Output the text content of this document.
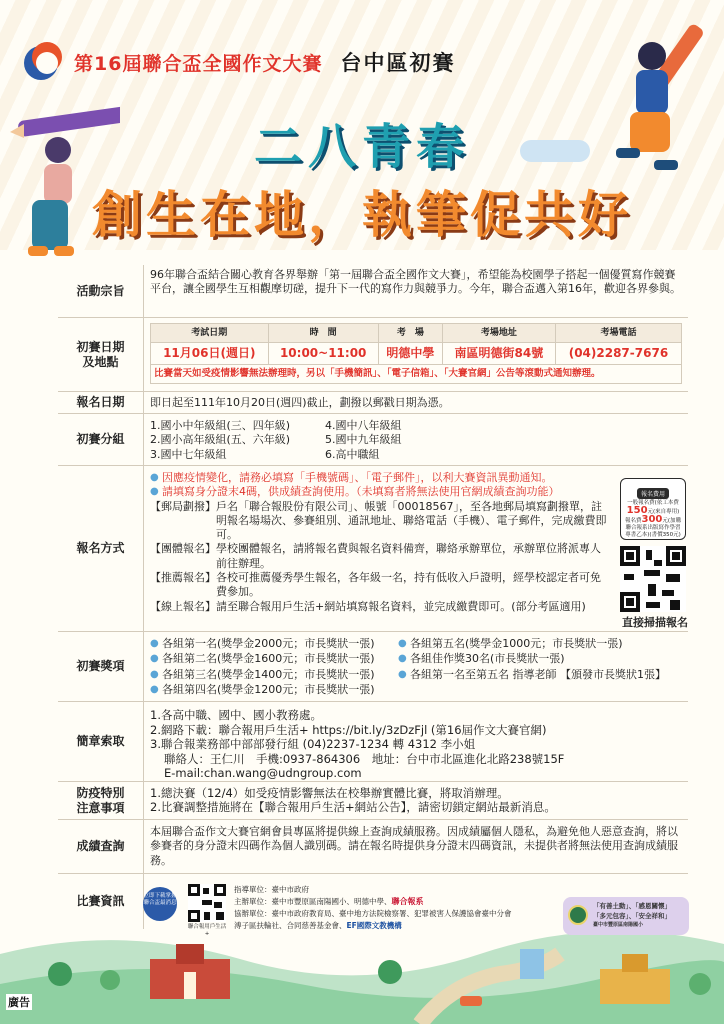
第16屆聯合盃全國作文大賽 台中區初賽
二八青春
創生在地，執筆促共好
活動宗旨
96年聯合盃結合關心教育各界舉辦「第一屆聯合盃全國作文大賽」，希望能為校園學子搭起一個優質寫作競賽平台，讓全國學生互相觀摩切磋，提升下一代的寫作力與競爭力。今年，聯合盃邁入第16年，歡迎各界參與。
初賽日期及地點
考試日期	時　間	考　場	考場地址	考場電話
11月06日(週日)	10:00~11:00	明德中學	南區明德街84號	(04)2287-7676
比賽當天如受疫情影響無法辦理時，另以「手機簡訊」、「電子信箱」、「大賽官網」公告等滾動式通知辦理。
報名日期	即日起至111年10月20日(週四)截止，劃撥以郵戳日期為憑。
初賽分組
1.國小中年級組(三、四年級)	4.國中八年級組
2.國小高年級組(五、六年級)	5.國中九年級組
3.國中七年級組	6.高中職組
報名方式
● 因應疫情變化，請務必填寫「手機號碼」、「電子郵件」，以利大賽資訊異動通知。
● 請填寫身分證末4碼，供成績查詢使用。（未填寫者將無法使用官網成績查詢功能）

【郵局劃撥】 戶名「聯合報股份有限公司」、帳號「00018567」，至各地郵局填寫劃撥單，註明報名場場次、參賽組別、通訊地址、聯絡電話（手機）、電子郵件，完成繳費即可。

【團體報名】 學校團體報名，請將報名費與報名資料備齊，聯絡承辦單位，承辦單位將派專人前往辦理。

【推薦報名】 各校可推薦優秀學生報名，各年級一名，持有低收入戶證明，經學校認定者可免費參加。

【線上報名】 請至聯合報用戶生活+網站填寫報名資料，並完成繳費即可。(部分考區適用)

初賽獎項
● 各組第一名(獎學金2000元；市長獎狀一張) ● 各組第五名(獎學金1000元；市長獎狀一張)
● 各組第二名(獎學金1600元；市長獎狀一張) ● 各組佳作獎30名(市長獎狀一張)
● 各組第三名(獎學金1400元；市長獎狀一張) ● 各組第一名至第五名 指導老師 【頒發市長獎狀1張】
● 各組第四名(獎學金1200元；市長獎狀一張)
簡章索取
1.各高中職、國中、國小教務處。
2.網路下載：聯合報用戶生活+ https://bit.ly/3zDzFjl (第16屆作文大賽官網)
3.聯合報業務部中部部發行組 (04)2237-1234 轉 4312 李小姐
聯絡人：王仁川　手機:0937-864306　地址：台中市北區進化北路238號15F
E-mail:chan.wang@udngroup.com
防疫特別注意事項
1.總決賽（12/4）如受疫情影響無法在校舉辦實體比賽，將取消辦理。
2.比賽調整措施將在【聯合報用戶生活+網站公告】，請密切鎖定網站最新消息。
成績查詢
本屆聯合盃作文大賽官網會員專區將提供線上查詢成績服務。因成績屬個人隱私，為避免他人惡意查詢，將以參賽者的身分證末四碼作為個人識別碼。請在報名時提供身分證末四碼資訊，未提供者將無法使用查詢成績服務。
比賽資訊
報名費用
一般報名費(依工本費
150元(來自專用)
報名費300元(加購
聯合報系出版寫作學習
專書乙本)(書價350元)
直接掃描報名
立即下載掌握聯合盃最消息
聯合報用戶生活+
指導單位：臺中市政府
主辦單位：臺中市豐原區南陽國小、明德中學、聯合報系
協辦單位：臺中市政府教育局、臺中地方法院檢察署、犯罪被害人保護協會臺中分會
溥子區扶輪社、合同慈善基金會、EF國際文教機構
「有善土動」、「感恩關懷」
「多元包容」、「安全祥和」
臺中市豐原區南陽國小
廣告
